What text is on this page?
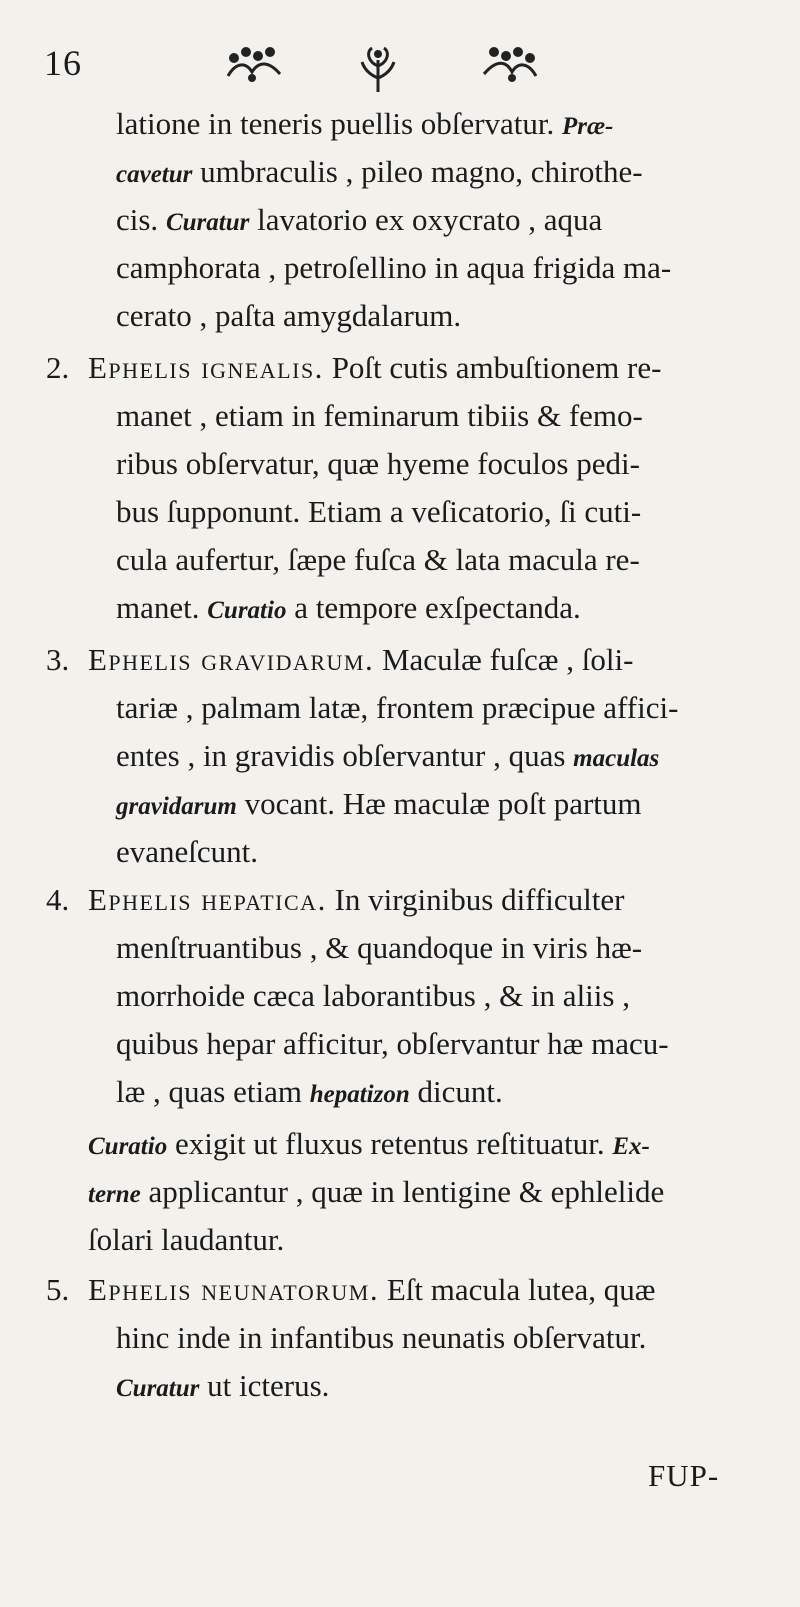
16
latione in teneris puellis obſervatur. Præ-
cavetur umbraculis , pileo magno, chirothe-
cis. Curatur lavatorio ex oxycrato , aqua
camphorata , petroſellino in aqua frigida ma-
cerato , paſta amygdalarum.
2. Ephelis ignealis. Poſt cutis ambuſtionem re-
manet , etiam in feminarum tibiis & femo-
ribus obſervatur, quæ hyeme foculos pedi-
bus ſupponunt. Etiam a veſicatorio, ſi cuti-
cula aufertur, ſæpe fuſca & lata macula re-
manet. Curatio a tempore exſpectanda.
3. Ephelis gravidarum. Maculæ fuſcæ , ſoli-
tariæ , palmam latæ, frontem præcipue affici-
entes , in gravidis obſervantur , quas maculas
gravidarum vocant. Hæ maculæ poſt partum
evaneſcunt.
4. Ephelis hepatica. In virginibus difficulter
menſtruantibus , & quandoque in viris hæ-
morrhoide cæca laborantibus , & in aliis ,
quibus hepar afficitur, obſervantur hæ macu-
læ , quas etiam hepatizon dicunt.
Curatio exigit ut fluxus retentus reſtituatur. Ex-
terne applicantur , quæ in lentigine & ephlelide
ſolari laudantur.
5. Ephelis neunatorum. Eſt macula lutea, quæ
hinc inde in infantibus neunatis obſervatur.
Curatur ut icterus.
FUP-
